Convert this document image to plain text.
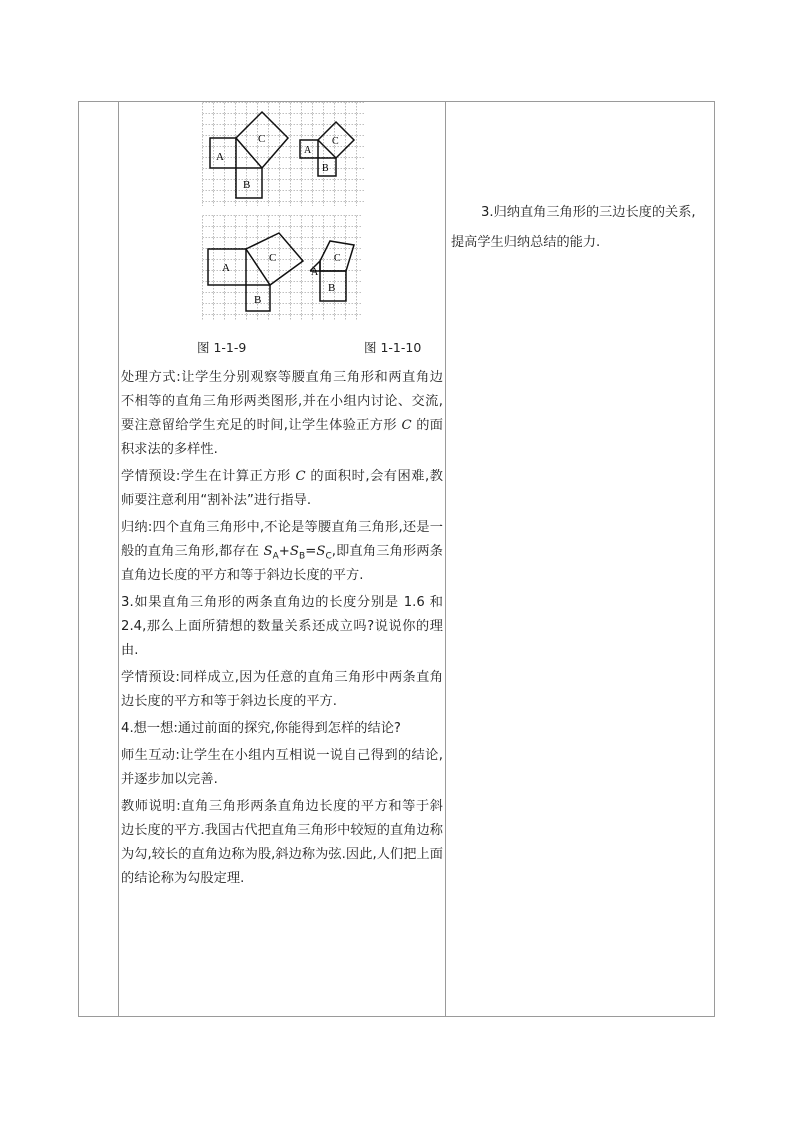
A
B
C
A
B
C
A
B
C
A
B
C
图 1-1-9	图 1-1-10

处理方式:让学生分别观察等腰直角三角形和两直角边不相等的直角三角形两类图形,并在小组内讨论、交流,要注意留给学生充足的时间,让学生体验正方形 C 的面积求法的多样性.

学情预设:学生在计算正方形 C 的面积时,会有困难,教师要注意利用“割补法”进行指导.

归纳:四个直角三角形中,不论是等腰直角三角形,还是一般的直角三角形,都存在 $S_A+S_B=S_C$,即直角三角形两条直角边长度的平方和等于斜边长度的平方.

3.如果直角三角形的两条直角边的长度分别是 1.6 和 2.4,那么上面所猜想的数量关系还成立吗?说说你的理由.

学情预设:同样成立,因为任意的直角三角形中两条直角边长度的平方和等于斜边长度的平方.

4.想一想:通过前面的探究,你能得到怎样的结论?

师生互动:让学生在小组内互相说一说自己得到的结论,并逐步加以完善.

教师说明:直角三角形两条直角边长度的平方和等于斜边长度的平方.我国古代把直角三角形中较短的直角边称为勾,较长的直角边称为股,斜边称为弦.因此,人们把上面的结论称为勾股定理.

3.归纳直角三角形的三边长度的关系,
提高学生归纳总结的能力.
